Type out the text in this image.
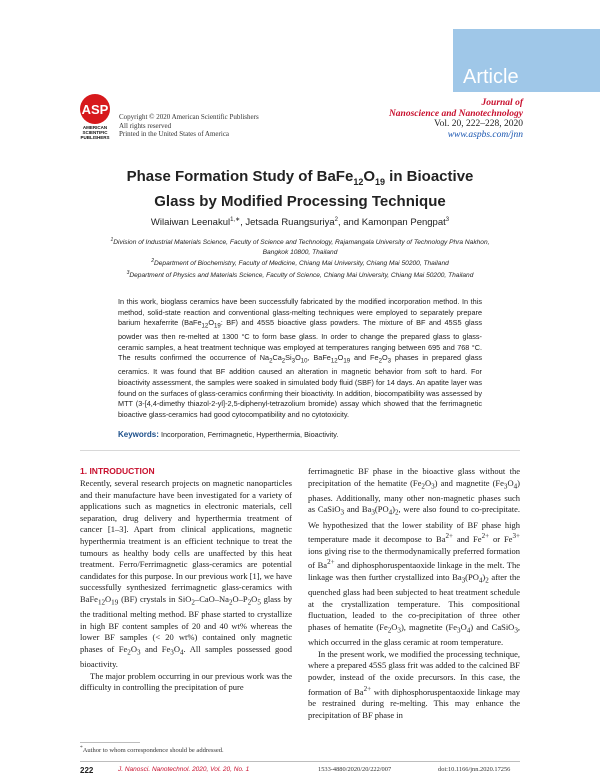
Article
ASP
AMERICAN
SCIENTIFIC
PUBLISHERS
Copyright © 2020 American Scientific Publishers
All rights reserved
Printed in the United States of America
Journal of
Nanoscience and Nanotechnology
Vol. 20, 222–228, 2020
www.aspbs.com/jnn
Phase Formation Study of $BaFe_{12}O_{19}$ in Bioactive
Glass by Modified Processing Technique
Wilaiwan Leenakul$^{1,∗}$, Jetsada Ruangsuriya$^2$, and Kamonpan Pengpat$^3$
$^1$Division of Industrial Materials Science, Faculty of Science and Technology, Rajamangala University of Technology Phra Nakhon,
Bangkok 10800, Thailand
$^2$Department of Biochemistry, Faculty of Medicine, Chiang Mai University, Chiang Mai 50200, Thailand
$^3$Department of Physics and Materials Science, Faculty of Science, Chiang Mai University, Chiang Mai 50200, Thailand
In this work, bioglass ceramics have been successfully fabricated by the modified incorporation method. In this method, solid-state reaction and conventional glass-melting techniques were employed to separately prepare barium hexaferrite ($BaFe_{12}O_{19}$: BF) and 45S5 bioactive glass powders. The mixture of BF and 45S5 glass powder was then re-melted at 1300 °C to form base glass. In order to change the prepared glass to glass-ceramic samples, a heat treatment technique was employed at temperatures ranging between 695 and 768 °C. The results confirmed the occurrence of $Na_2Ca_2Si_3O_{10}$, $BaFe_{12}O_{19}$ and $Fe_2O_3$ phases in prepared glass ceramics. It was found that BF addition caused an alteration in magnetic behavior from soft to hard. For bioactivity assessment, the samples were soaked in simulated body fluid (SBF) for 14 days. An apatite layer was found on the surfaces of glass-ceramics confirming their bioactivity. In addition, biocompatibility was assessed by MTT (3-[4,4-dimethy thiazol-2-yl]-2,5-diphenyl-tetrazolium bromide) assay which showed that the ferrimagnetic bioactive glass-ceramics had good cytocompatibility and no cytotoxicity.
Keywords: Incorporation, Ferrimagnetic, Hyperthermia, Bioactivity.
1. INTRODUCTION
Recently, several research projects on magnetic nanoparticles and their manufacture have been investigated for a variety of applications such as magnetics in electronic materials, cell separation, drug delivery and hyperthermia treatment of cancer [1–3]. Apart from clinical applications, magnetic hyperthermia treatment is an efficient technique to treat the tumours as healthy body cells are unaffected by this heat treatment. Ferro/Ferrimagnetic glass-ceramics are potential candidates for this purpose. In our previous work [1], we have successfully synthesized ferrimagnetic glass-ceramics with $BaFe_{12}O_{19}$ (BF) crystals in $SiO_2-CaO-Na_2O-P_2O_5$ glass by the traditional melting method. BF phase started to crystallize in high BF content samples of 20 and 40 wt% whereas the lower BF samples (< 20 wt%) contained only magnetic phases of $Fe_2O_3$ and $Fe_3O_4$. All samples possessed good bioactivity.
The major problem occurring in our previous work was the difficulty in controlling the precipitation of pure

ferrimagnetic BF phase in the bioactive glass without the precipitation of the hematite $(Fe_2O_3)$ and magnetite $(Fe_3O_4)$ phases. Additionally, many other non-magnetic phases such as CaSiO$_3$ and $Ba_3(PO_4)_2$, were also found to co-precipitate. We hypothesized that the lower stability of BF phase high temperature made it decompose to $Ba^{2+}$ and $Fe^{2+}$ or $Fe^{3+}$ ions giving rise to the thermodynamically preferred formation of $Ba^{2+}$ and diphosphoruspentaoxide linkage in the melt. The linkage was then further crystallized into $Ba_3(PO_4)_2$ after the quenched glass had been subjected to heat treatment schedule at the crystallization temperature. This compositional fluctuation, leaded to the co-precipitation of three other phases of hematite $(Fe_2O_3)$, magnetite $(Fe_3O_4)$ and CaSiO$_3$, which occurred in the glass ceramic at room temperature.

In the present work, we modified the processing technique, where a prepared 45S5 glass frit was added to the calcined BF powder, instead of the oxide precursors. In this case, the formation of $Ba^{2+}$ with diphosphoruspentaoxide linkage may be restrained during re-melting. This may enhance the precipitation of BF phase in

*Author to whom correspondence should be addressed.
222	J. Nanosci. Nanotechnol. 2020, Vol. 20, No. 1	1533-4880/2020/20/222/007	doi:10.1166/jnn.2020.17256
